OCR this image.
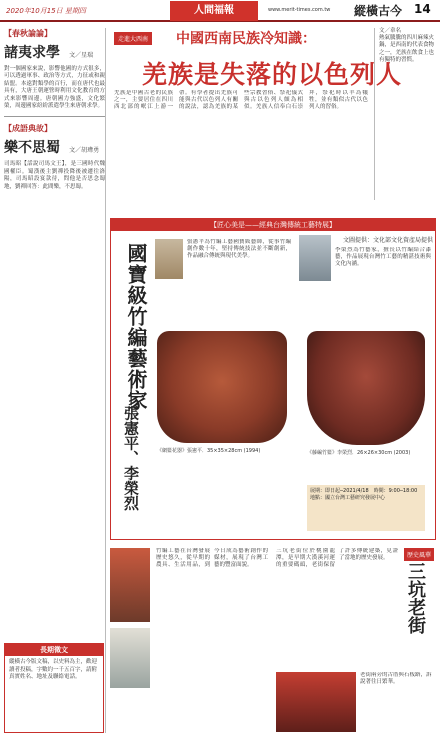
2020年10月15日 星期四	人間福報	www.merit-times.com.tw 縱橫古今 14
【春秋論論】
諸夷求學 文／星瑞
對一個國家來說，影響他國的方式很多，可以透過軍事、政治等方式，力征或和親結盟。本遠對類學的百行，而在唐代也最具有，大唐王朝運營時利用文化教育的方式來影響周邊。唐朝國力強盛，文化繁榮，周邊國家紛紛派遣學生來唐朝求學。
【成語典故】
樂不思蜀 文／胡瑋勇
司馬昭【話說司馬文王】，是三國時代魏國權臣。蜀漢後主劉禪投降後被遷往洛陽，司馬昭設宴款待，問他是否思念蜀地，劉禪回答：此間樂，不思蜀。
長期徵文
縱橫古今版文稿，以史料為主，歡迎讀者投稿，字數約一千五百字，請附真實姓名、地址及聯絡電話。
走進大西南 中國西南民族冷知識：
羌族是失落的以色列人
羌族是中國古老的民族之一，主要居住在四川西北部的岷江上游一帶。有學者提出羌族可能與古代以色列人有關的說法，認為羌族的某些宗教習俗、祭祀儀式與古以色列人頗為相似。羌族人信奉白石崇拜，祭祀時以羊為犧牲，並有類似古代以色列人的習俗。
文／韋名
熱氣騰騰的四川麻辣火鍋，是西南的代表食物之一，羌族在飲食上也有獨特的習慣。
【匠心美是——經典台灣傳統工藝特展】
國寶級竹編藝術家
──張憲平、李榮烈
張憲平為竹編工藝國寶級藝師，從事竹編創作數十年，堅持傳統技法並不斷創新，作品融合傳統與現代美學。
文圖提供：文化部文化資產局提供
李榮烈為竹藝家，擅長以竹編結合漆藝，作品展現台灣竹工藝的精湛技術與文化內涵。
《網籃花器》張憲平．35×35×28cm (1994)	《藤編竹籃》李榮烈．26×26×30cm (2003)
展期：即日起─2021/4/18　時間：9:00─18:00　地點：國立台灣工藝研究發展中心
竹編工藝在台灣發展歷史悠久，從早期的農具、生活用品，到今日成為藝術創作的媒材，展現了台灣工藝的豐富面貌。
三坑老街位於桃園龍潭，是早期大漢溪河運的重要碼頭，老街保留了許多傳統建築，見證了當地的歷史發展。	歷史風華
三坑老街
老街兩旁的古厝與石板路，訴說著往日繁華。
